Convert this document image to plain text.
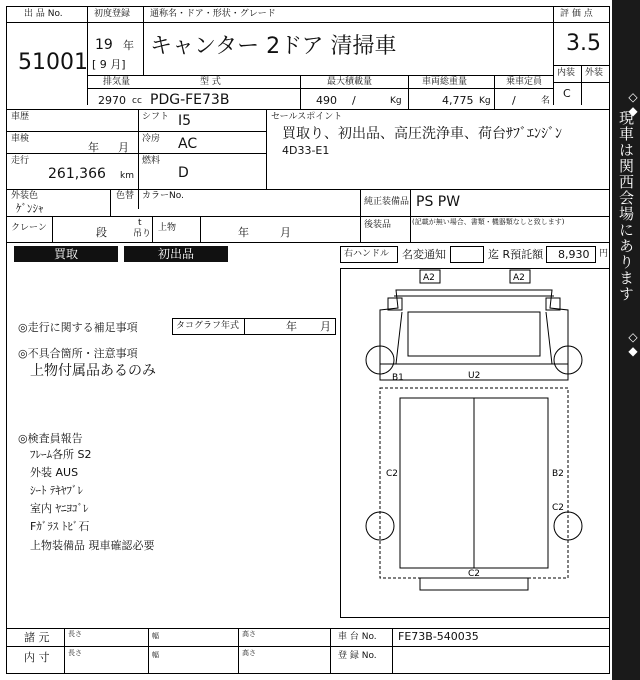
出 品 No.
51001
初度登録
19 年
[ 9 月]
通称名・ドア・形状・グレード
キャンター 2ドア 清掃車
評 価 点
3.5
内装 外装
C
排気量
2970 cc
型 式
PDG-FE73B
最大積載量
490 /	Kg
車両総重量
4,775 Kg
乗車定員
/	名
車歴	シフト I5
車検
年 月
冷房 AC
走行
261,366 km
燃料
D
外装色
ｹﾞﾝｼｬ
色替 カラーNo.
クレーン	段
t
吊り
上物	年	月
セールスポイント
買取り、初出品、高圧洗浄車、荷台ｻﾌﾞｴﾝｼﾞﾝ
4D33-E1
純正装備品 PS PW
後装品	(記載が無い場合、書類・機器類なしと致します)
買取	初出品	右ハンドル 名変通知	迄 R預託額 8,930 円
◎走行に関する補足事項	タコグラフ年式	年 月
◎不具合箇所・注意事項
上物付属品あるのみ
◎検査員報告
ﾌﾚｰﾑ各所 S2
外装 AUS
ｼｰﾄ ﾃｷﾔﾌﾞﾚ
室内 ﾔﾆﾖｺﾞﾚ
Fｶﾞﾗｽ ﾄﾋﾞ石
上物装備品 現車確認必要
A2	A2
U2
B1
C2	B2
C2
C2
諸 元
内 寸
長さ	幅	高さ
長さ	幅	高さ
車 台 No. FE73B-540035
登 録 No.
◇◆
現車は関西会場にあります
◇◆
